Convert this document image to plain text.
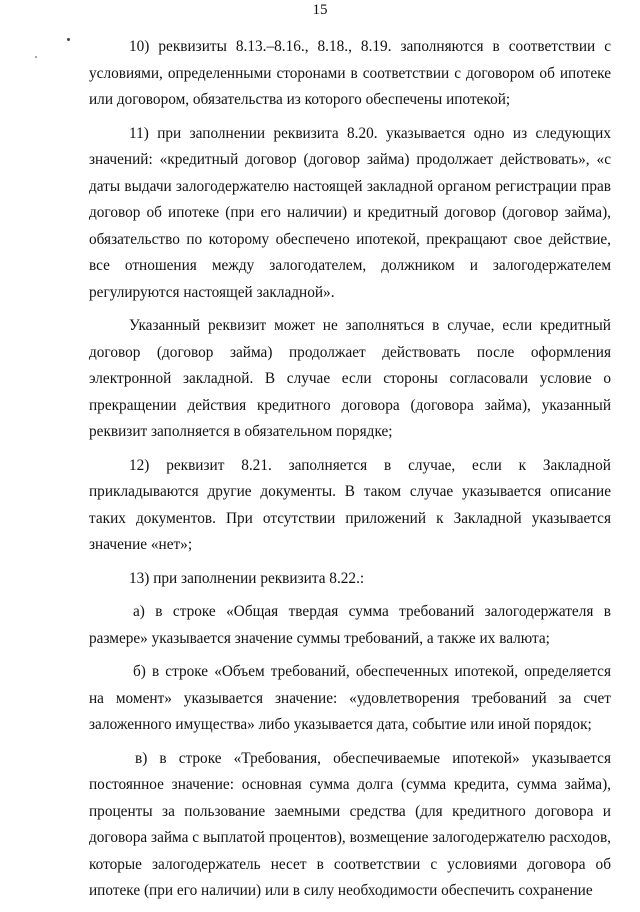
15

10) реквизиты 8.13.–8.16., 8.18., 8.19. заполняются в соответствии с условиями, определенными сторонами в соответствии с договором об ипотеке или договором, обязательства из которого обеспечены ипотекой;

11) при заполнении реквизита 8.20. указывается одно из следующих значений: «кредитный договор (договор займа) продолжает действовать», «с даты выдачи залогодержателю настоящей закладной органом регистрации прав договор об ипотеке (при его наличии) и кредитный договор (договор займа), обязательство по которому обеспечено ипотекой, прекращают свое действие, все отношения между залогодателем, должником и залогодержателем регулируются настоящей закладной».

Указанный реквизит может не заполняться в случае, если кредитный договор (договор займа) продолжает действовать после оформления электронной закладной. В случае если стороны согласовали условие о прекращении действия кредитного договора (договора займа), указанный реквизит заполняется в обязательном порядке;

12) реквизит 8.21. заполняется в случае, если к Закладной прикладываются другие документы. В таком случае указывается описание таких документов. При отсутствии приложений к Закладной указывается значение «нет»;

13) при заполнении реквизита 8.22.:

а) в строке «Общая твердая сумма требований залогодержателя в размере» указывается значение суммы требований, а также их валюта;

б) в строке «Объем требований, обеспеченных ипотекой, определяется на момент» указывается значение: «удовлетворения требований за счет заложенного имущества» либо указывается дата, событие или иной порядок;

в) в строке «Требования, обеспечиваемые ипотекой» указывается постоянное значение: основная сумма долга (сумма кредита, сумма займа), проценты за пользование заемными средства (для кредитного договора и договора займа с выплатой процентов), возмещение залогодержателю расходов, которые залогодержатель несет в соответствии с условиями договора об ипотеке (при его наличии) или в силу необходимости обеспечить сохранение
